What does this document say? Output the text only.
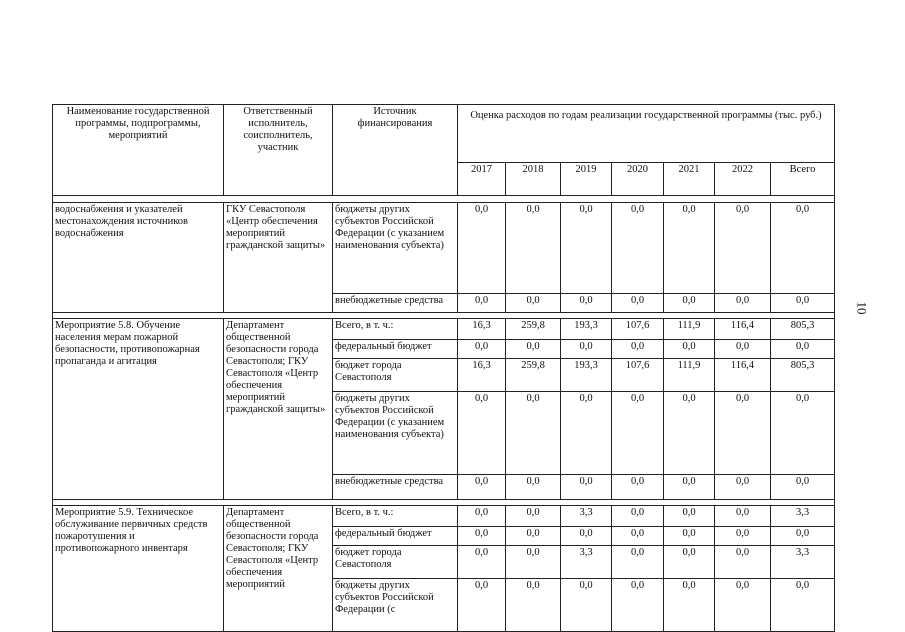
10
Наименование государственной программы, подпрограммы, мероприятий	Ответственный исполнитель, соисполнитель, участник	Источник финансирования	Оценка расходов по годам реализации государственной программы (тыс. руб.)						
			2017	2018	2019	2020	2021	2022	Всего

водоснабжения и указателей местонахождения источников водоснабжения	ГКУ Севастополя «Центр обеспечения мероприятий гражданской защиты»	бюджеты других субъектов Российской Федерации (с указанием наименования субъекта)	0,0	0,0	0,0	0,0	0,0	0,0	0,0
		внебюджетные средства	0,0	0,0	0,0	0,0	0,0	0,0	0,0

Мероприятие 5.8. Обучение населения мерам пожарной безопасности, противопожарная пропаганда и агитация	Департамент общественной безопасности города Севастополя; ГКУ Севастополя «Центр обеспечения мероприятий гражданской защиты»	Всего, в т. ч.:	16,3	259,8	193,3	107,6	111,9	116,4	805,3
		федеральный бюджет	0,0	0,0	0,0	0,0	0,0	0,0	0,0
		бюджет города Севастополя	16,3	259,8	193,3	107,6	111,9	116,4	805,3
		бюджеты других субъектов Российской Федерации (с указанием наименования субъекта)	0,0	0,0	0,0	0,0	0,0	0,0	0,0
		внебюджетные средства	0,0	0,0	0,0	0,0	0,0	0,0	0,0

Мероприятие 5.9. Техническое обслуживание первичных средств пожаротушения и противопожарного инвентаря	Департамент общественной безопасности города Севастополя; ГКУ Севастополя «Центр обеспечения мероприятий	Всего, в т. ч.:	0,0	0,0	3,3	0,0	0,0	0,0	3,3
		федеральный бюджет	0,0	0,0	0,0	0,0	0,0	0,0	0,0
		бюджет города Севастополя	0,0	0,0	3,3	0,0	0,0	0,0	3,3
		бюджеты других субъектов Российской Федерации (с	0,0	0,0	0,0	0,0	0,0	0,0	0,0
